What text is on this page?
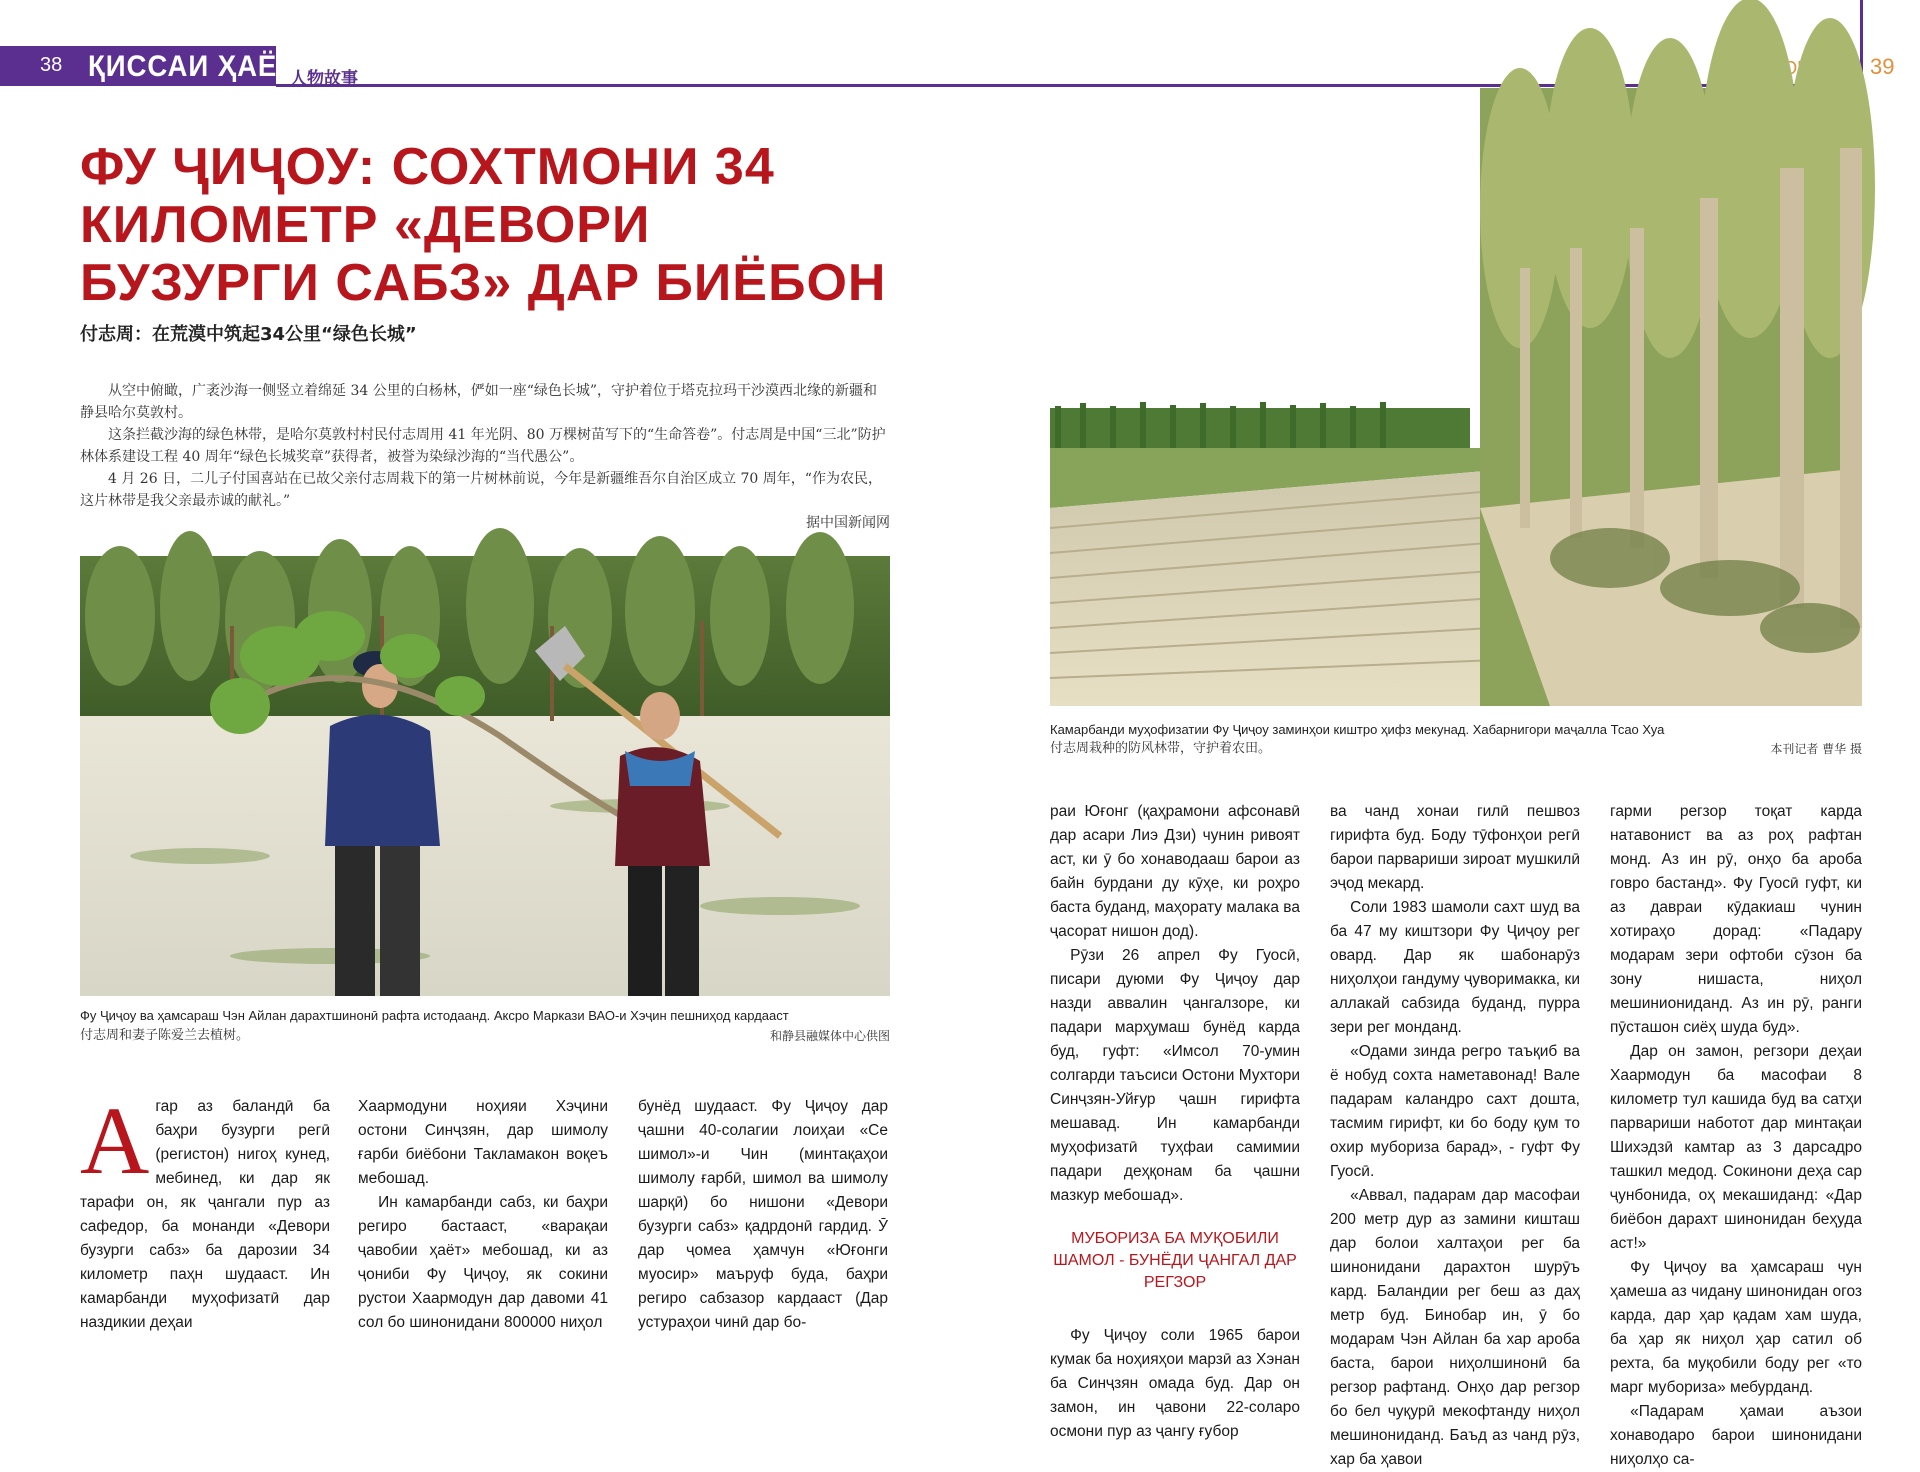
38 ҚИССАИ ҲАЁТӢ
人物故事	39
ФУ ҶИҶОУ: СОХТМОНИ 34 КИЛОМЕТР «ДЕВОРИ БУЗУРГИ САБЗ» ДАР БИЁБОН
付志周：在荒漠中筑起34公里“绿色长城”

从空中俯瞰，广袤沙海一侧竖立着绵延 34 公里的白杨林，俨如一座“绿色长城”，守护着位于塔克拉玛干沙漠西北缘的新疆和静县哈尔莫敦村。

这条拦截沙海的绿色林带，是哈尔莫敦村村民付志周用 41 年光阴、80 万棵树苗写下的“生命答卷”。付志周是中国“三北”防护林体系建设工程 40 周年“绿色长城奖章”获得者，被誉为染绿沙海的“当代愚公”。

4 月 26 日，二儿子付国喜站在已故父亲付志周栽下的第一片树林前说，今年是新疆维吾尔自治区成立 70 周年，“作为农民，这片林带是我父亲最赤诚的献礼。”

据中国新闻网

Фу Ҷиҷоу ва ҳамсараш Чэн Айлан дарахтшинонӣ рафта истодаанд. Аксро Маркази ВАО-и Хэҷин пешниҳод кардааст
付志周和妻子陈爱兰去植树。	和静县融媒体中心供图
Камарбанди муҳофизатии Фу Ҷиҷоу заминҳои киштро ҳифз мекунад. Хабарнигори маҷалла Тсао Хуа
付志周栽种的防风林带，守护着农田。	本刊记者 曹华 摄

Агар аз баландӣ ба баҳри бузурги регӣ (регистон) нигоҳ кунед, мебинед, ки дар як тарафи он, як ҷангали пур аз сафедор, ба монанди «Девори бузурги сабз» ба дарозии 34 километр паҳн шудааст. Ин камарбанди муҳофизатӣ дар наздикии деҳаи

Хаармодуни ноҳияи Хэҷини остони Синҷзян, дар шимолу ғарби биёбони Такламакон воқеъ мебошад.

Ин камарбанди сабз, ки баҳри региро бастааст, «варақаи ҷавобии ҳаёт» мебошад, ки аз ҷониби Фу Ҷиҷоу, як сокини рустои Хаармодун дар давоми 41 сол бо шинонидани 800000 ниҳол

бунёд шудааст. Фу Ҷиҷоу дар ҷашни 40-солагии лоиҳаи «Се шимол»-и Чин (минтақаҳои шимолу ғарбӣ, шимол ва шимолу шарқӣ) бо нишони «Девори бузурги сабз» қадрдонӣ гардид. Ӯ дар ҷомеа ҳамчун «Юғонги муосир» маъруф буда, баҳри региро сабзазор кардааст (Дар устураҳои чинӣ дар бо-

раи Юғонг (қаҳрамони афсонавӣ дар асари Лиэ Дзи) чунин ривоят аст, ки ӯ бо хонаводааш барои аз байн бурдани ду кӯҳе, ки роҳро баста буданд, маҳорату малака ва ҷасорат нишон дод).

Рӯзи 26 апрел Фу Гуосӣ, писари дуюми Фу Ҷиҷоу дар назди аввалин ҷангалзоре, ки падари марҳумаш бунёд карда буд, гуфт: «Имсол 70-умин солгарди таъсиси Остони Мухтори Синҷзян-Уйғур ҷашн гирифта мешавад. Ин камарбанди муҳофизатӣ туҳфаи самимии падари деҳқонам ба ҷашни мазкур мебошад».

МУБОРИЗА БА МУҚОБИЛИ ШАМОЛ - БУНЁДИ ҶАНГАЛ ДАР РЕГЗОР

Фу Ҷиҷоу соли 1965 барои кумак ба ноҳияҳои марзӣ аз Хэнан ба Синҷзян омада буд. Дар он замон, ин ҷавони 22-соларо осмони пур аз ҷангу ғубор

ва чанд хонаи гилӣ пешвоз гирифта буд. Боду тӯфонҳои регӣ барои парвариши зироат мушкилӣ эҷод мекард.

Соли 1983 шамоли сахт шуд ва ба 47 му киштзори Фу Ҷиҷоу рег овард. Дар як шабонарӯз ниҳолҳои гандуму ҷуворимакка, ки аллакай сабзида буданд, пурра зери рег монданд.

«Одами зинда регро таъқиб ва ё нобуд сохта наметавонад! Вале падарам каландро сахт дошта, тасмим гирифт, ки бо боду қум то охир мубориза барад», - гуфт Фу Гуосӣ.

«Аввал, падарам дар масофаи 200 метр дур аз замини кишташ дар болои халтаҳои рег ба шинонидани дарахтон шурӯъ кард. Баландии рег беш аз даҳ метр буд. Бинобар ин, ӯ бо модарам Чэн Айлан ба хар ароба баста, барои ниҳолшинонӣ ба регзор рафтанд. Онҳо дар регзор бо бел чуқурӣ мекофтанду ниҳол мешинониданд. Баъд аз чанд рӯз, хар ба ҳавои

гарми регзор тоқат карда натавонист ва аз роҳ рафтан монд. Аз ин рӯ, онҳо ба ароба говро бастанд». Фу Гуосӣ гуфт, ки аз давраи кӯдакиаш чунин хотираҳо дорад: «Падару модарам зери офтоби сӯзон ба зону нишаста, ниҳол мешиниониданд. Аз ин рӯ, ранги пӯсташон сиёҳ шуда буд».

Дар он замон, регзори деҳаи Хаармодун ба масофаи 8 километр тул кашида буд ва сатҳи парвариши наботот дар минтақаи Шихэдзӣ камтар аз 3 дарсадро ташкил медод. Сокинони деҳа сар ҷунбонида, оҳ мекашиданд: «Дар биёбон дарахт шинонидан беҳуда аст!»

Фу Ҷиҷоу ва ҳамсараш чун ҳамеша аз чидану шинонидан огоз карда, дар ҳар қадам хам шуда, ба ҳар як ниҳол ҳар сатил об рехта, ба муқобили боду рег «то марг мубориза» мебурданд.

«Падарам ҳамаи аъзои хонаводаро барои шинонидани ниҳолҳо са-
